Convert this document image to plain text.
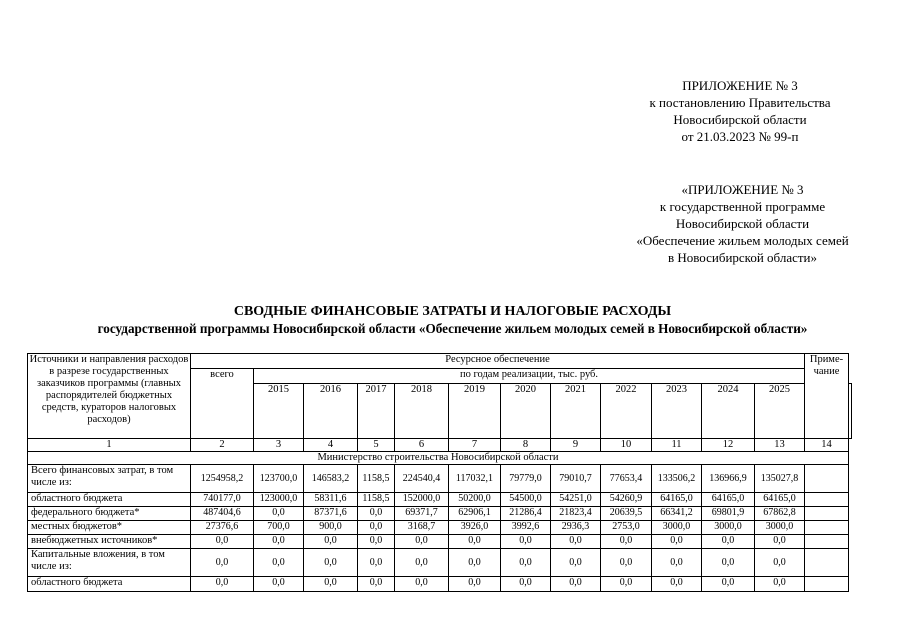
ПРИЛОЖЕНИЕ № 3
к постановлению Правительства
Новосибирской области
от 21.03.2023 № 99-п
«ПРИЛОЖЕНИЕ № 3
к государственной программе
Новосибирской области
«Обеспечение жильем молодых семей
в Новосибирской области»
СВОДНЫЕ ФИНАНСОВЫЕ ЗАТРАТЫ И НАЛОГОВЫЕ РАСХОДЫ
государственной программы Новосибирской области «Обеспечение жильем молодых семей в Новосибирской области»
Источники и направления расходов в разрезе государственных заказчиков программы (главных распорядителей бюджетных средств, кураторов налоговых расходов)	Ресурсное обеспечение												Приме-чание	
	всего	по годам реализации, тыс. руб.												
		2015	2016	2017	2018	2019	2020	2021	2022	2023	2024	2025		

1	2	3	4	5	6	7	8	9	10	11	12	13	14	
Министерство строительства Новосибирской области														
Всего финансовых затрат, в том числе из:	1254958,2	123700,0	146583,2	1158,5	224540,4	117032,1	79779,0	79010,7	77653,4	133506,2	136966,9	135027,8		
областного бюджета	740177,0	123000,0	58311,6	1158,5	152000,0	50200,0	54500,0	54251,0	54260,9	64165,0	64165,0	64165,0		
федерального бюджета*	487404,6	0,0	87371,6	0,0	69371,7	62906,1	21286,4	21823,4	20639,5	66341,2	69801,9	67862,8		
местных бюджетов*	27376,6	700,0	900,0	0,0	3168,7	3926,0	3992,6	2936,3	2753,0	3000,0	3000,0	3000,0		
внебюджетных источников*	0,0	0,0	0,0	0,0	0,0	0,0	0,0	0,0	0,0	0,0	0,0	0,0		
Капитальные вложения, в том числе из:	0,0	0,0	0,0	0,0	0,0	0,0	0,0	0,0	0,0	0,0	0,0	0,0		
областного бюджета	0,0	0,0	0,0	0,0	0,0	0,0	0,0	0,0	0,0	0,0	0,0	0,0		
